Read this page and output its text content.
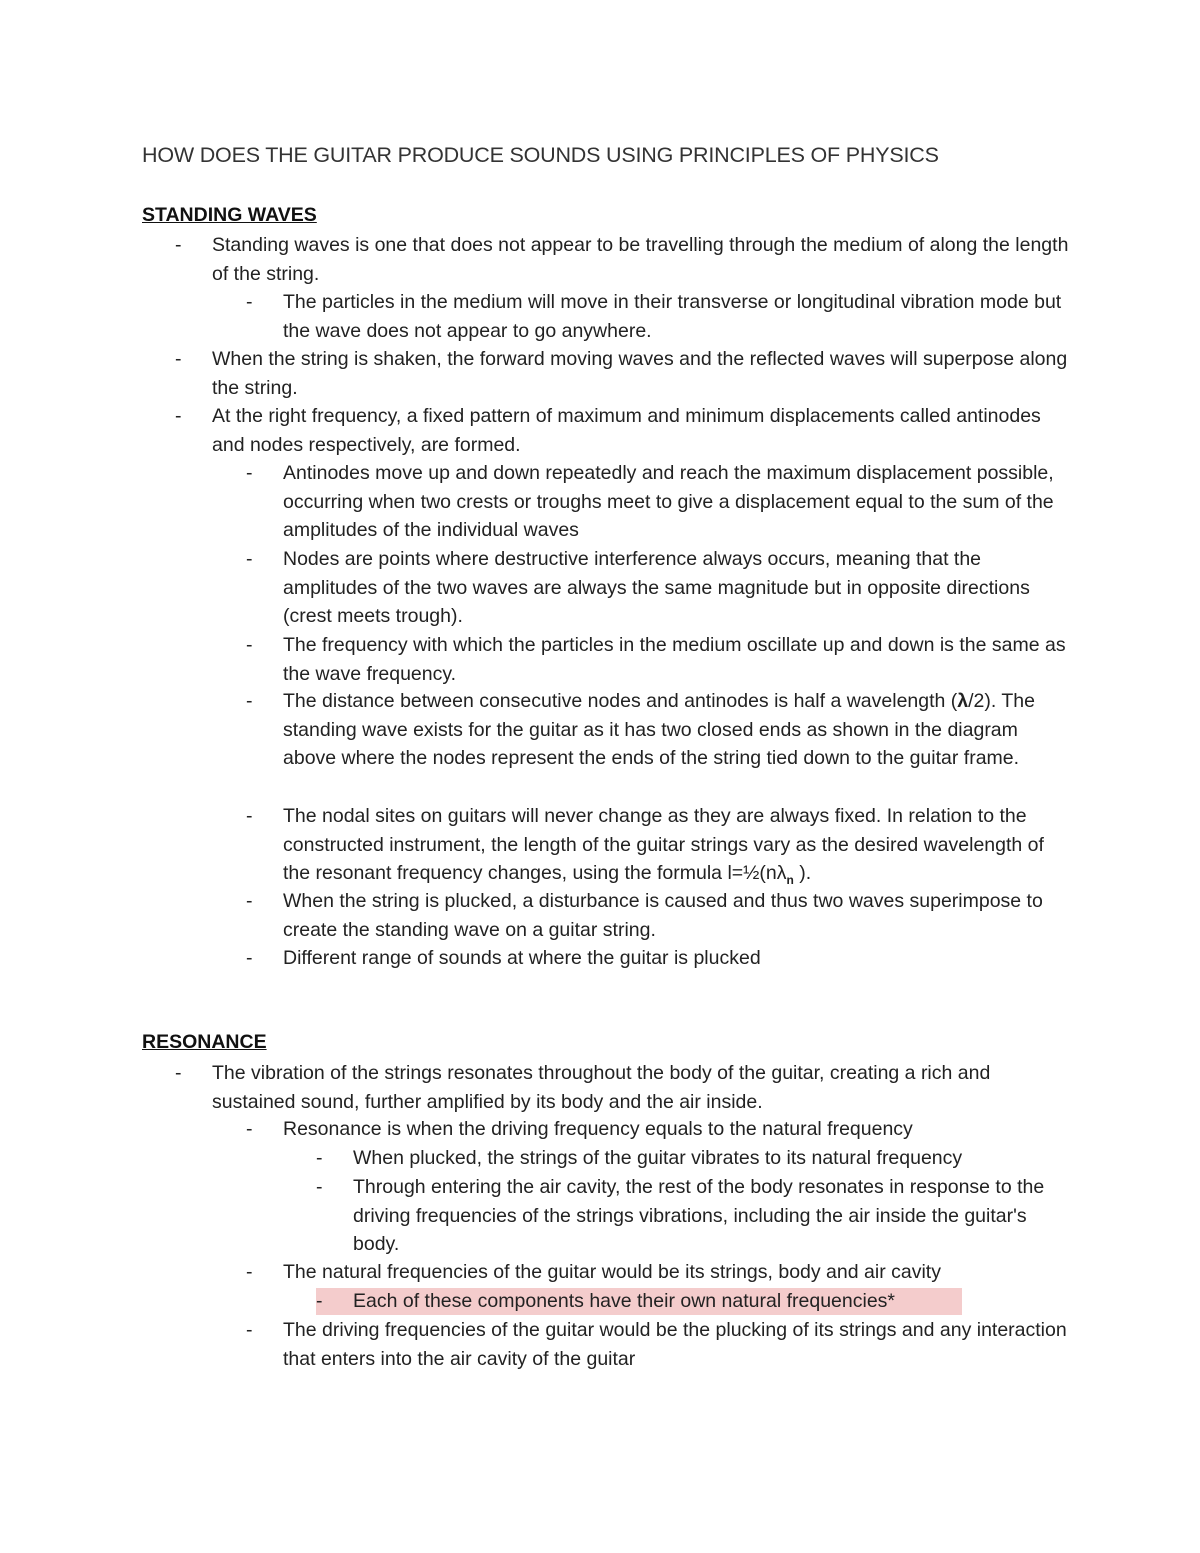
HOW DOES THE GUITAR PRODUCE SOUNDS USING PRINCIPLES OF PHYSICS
STANDING WAVES
- Standing waves is one that does not appear to be travelling through the medium of along the length of the string.
- The particles in the medium will move in their transverse or longitudinal vibration mode but the wave does not appear to go anywhere.
- When the string is shaken, the forward moving waves and the reflected waves will superpose along the string.
- At the right frequency, a fixed pattern of maximum and minimum displacements called antinodes and nodes respectively, are formed.
- Antinodes move up and down repeatedly and reach the maximum displacement possible, occurring when two crests or troughs meet to give a displacement equal to the sum of the amplitudes of the individual waves
- Nodes are points where destructive interference always occurs, meaning that the amplitudes of the two waves are always the same magnitude but in opposite directions (crest meets trough).
- The frequency with which the particles in the medium oscillate up and down is the same as the wave frequency.
- The distance between consecutive nodes and antinodes is half a wavelength (λ/2). The standing wave exists for the guitar as it has two closed ends as shown in the diagram above where the nodes represent the ends of the string tied down to the guitar frame.
- The nodal sites on guitars will never change as they are always fixed. In relation to the constructed instrument, the length of the guitar strings vary as the desired wavelength of the resonant frequency changes, using the formula $l=\frac{1}{2}(n\lambda_n$ ).
- When the string is plucked, a disturbance is caused and thus two waves superimpose to create the standing wave on a guitar string.
- Different range of sounds at where the guitar is plucked
RESONANCE
- The vibration of the strings resonates throughout the body of the guitar, creating a rich and sustained sound, further amplified by its body and the air inside.
- Resonance is when the driving frequency equals to the natural frequency
- When plucked, the strings of the guitar vibrates to its natural frequency
- Through entering the air cavity, the rest of the body resonates in response to the driving frequencies of the strings vibrations, including the air inside the guitar's body.
- The natural frequencies of the guitar would be its strings, body and air cavity
- Each of these components have their own natural frequencies*
- The driving frequencies of the guitar would be the plucking of its strings and any interaction that enters into the air cavity of the guitar
